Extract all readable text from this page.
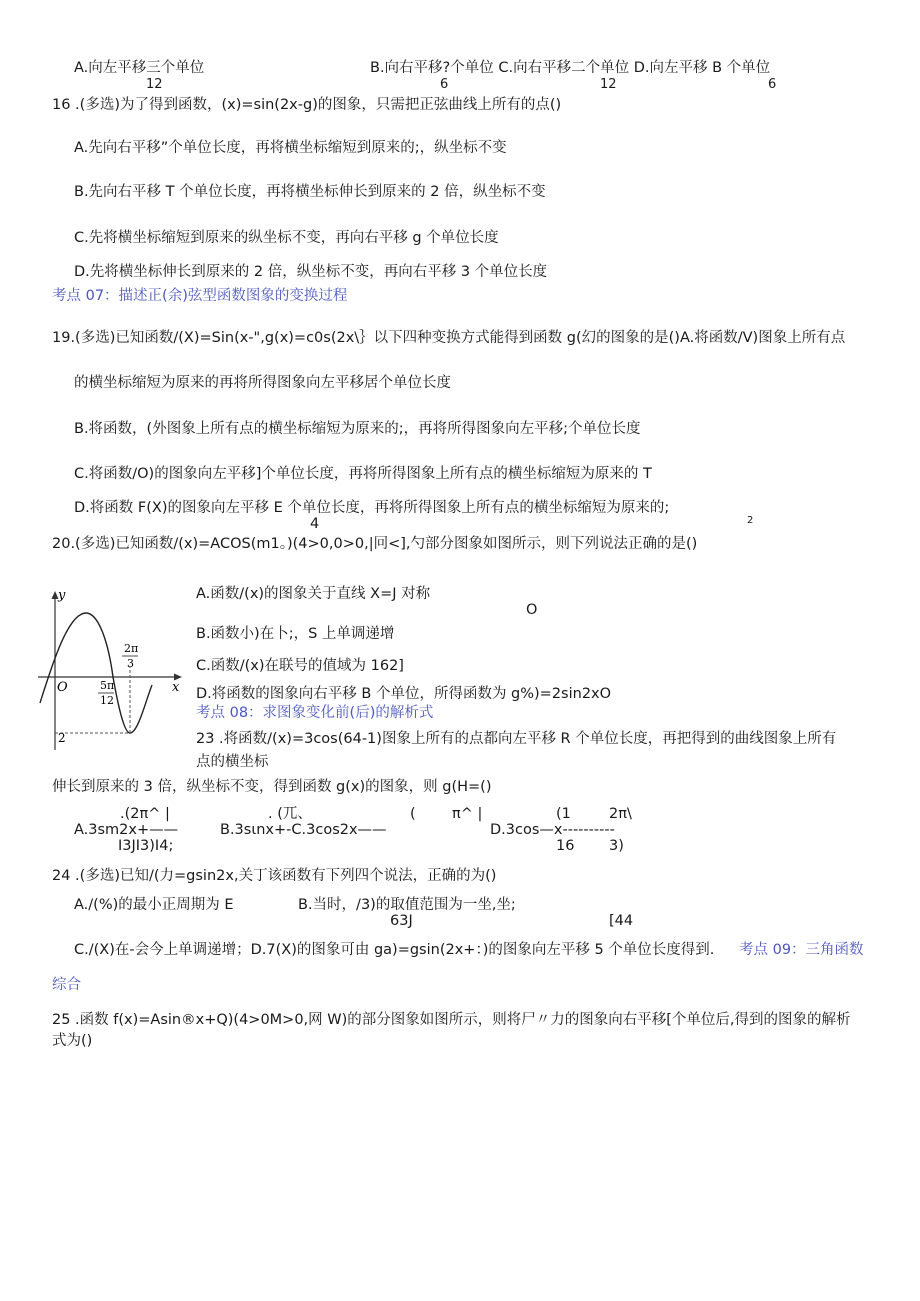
A.向左平移三个单位
12
B.向右平移?个单位 C.向右平移二个单位 D.向左平移 B 个单位
6	12	6
16 .(多选)为了得到函数，(x)=sin(2x-g)的图象，只需把正弦曲线上所有的点()
A.先向右平移”个单位长度，再将横坐标缩短到原来的;，纵坐标不变
B.先向右平移 T 个单位长度，再将横坐标伸长到原来的 2 倍，纵坐标不变
C.先将横坐标缩短到原来的纵坐标不变，再向右平移 g 个单位长度
D.先将横坐标伸长到原来的 2 倍，纵坐标不变，再向右平移 3 个单位长度
考点 07：描述正(余)弦型函数图象的变换过程
19.(多选)已知函数/(X)=Sin(x-",g(x)=c0s(2x\｝以下四种变换方式能得到函数 g(幻的图象的是()A.将函数/V)图象上所有点
的横坐标缩短为原来的再将所得图象向左平移居个单位长度
B.将函数，(外图象上所有点的横坐标缩短为原来的;，再将所得图象向左平移;个单位长度
C.将函数/O)的图象向左平移]个单位长度，再将所得图象上所有点的横坐标缩短为原来的 T
D.将函数 F(X)的图象向左平移 E 个单位长度，再将所得图象上所有点的横坐标缩短为原来的;
4	2
20.(多选)已知函数/(x)=ACOS(m1。)(4>0,0>0,|冋<],勺部分图象如图所示，则下列说法正确的是()
y
x
O	5π
12
2π
3
2
A.函数/(x)的图象关于直线 X=J 对称
O
B.函数小)在卜;，S 上单调递增
C.函数/(x)在联号的值域为 162]
D.将函数的图象向右平移 B 个单位，所得函数为 g%)=2sin2xO
考点 08：求图象变化前(后)的解析式
23 .将函数/(x)=3cos(64-1)图象上所有的点都向左平移 R 个单位长度，再把得到的曲线图象上所有
点的横坐标
伸长到原来的 3 倍，纵坐标不变，得到函数 g(x)的图象，则 g(H=()
.(2π^ |	. (兀、	(	π^ |	(1	2π\
A.3sm2x+——	B.3sιnx+-C.3cos2x——	D.3cos—x----------
I3JI3)I4;	16 3)
24 .(多选)已知/(力=gsin2x,关丁该函数有下列四个说法，正确的为()
A./(%)的最小正周期为 E	B.当时，/3)的取值范围为一坐,坐;
63J	[44
C./(X)在-会今上单调递增；D.7(X)的图象可由 ga)=gsin(2x+：)的图象向左平移 5 个单位长度得到. 考点 09：三角函数
综合
25 .函数 f(x)=Asin®x+Q)(4>0M>0,网 W)的部分图象如图所示，则将尸〃力的图象向右平移[个单位后,得到的图象的解析
式为()
